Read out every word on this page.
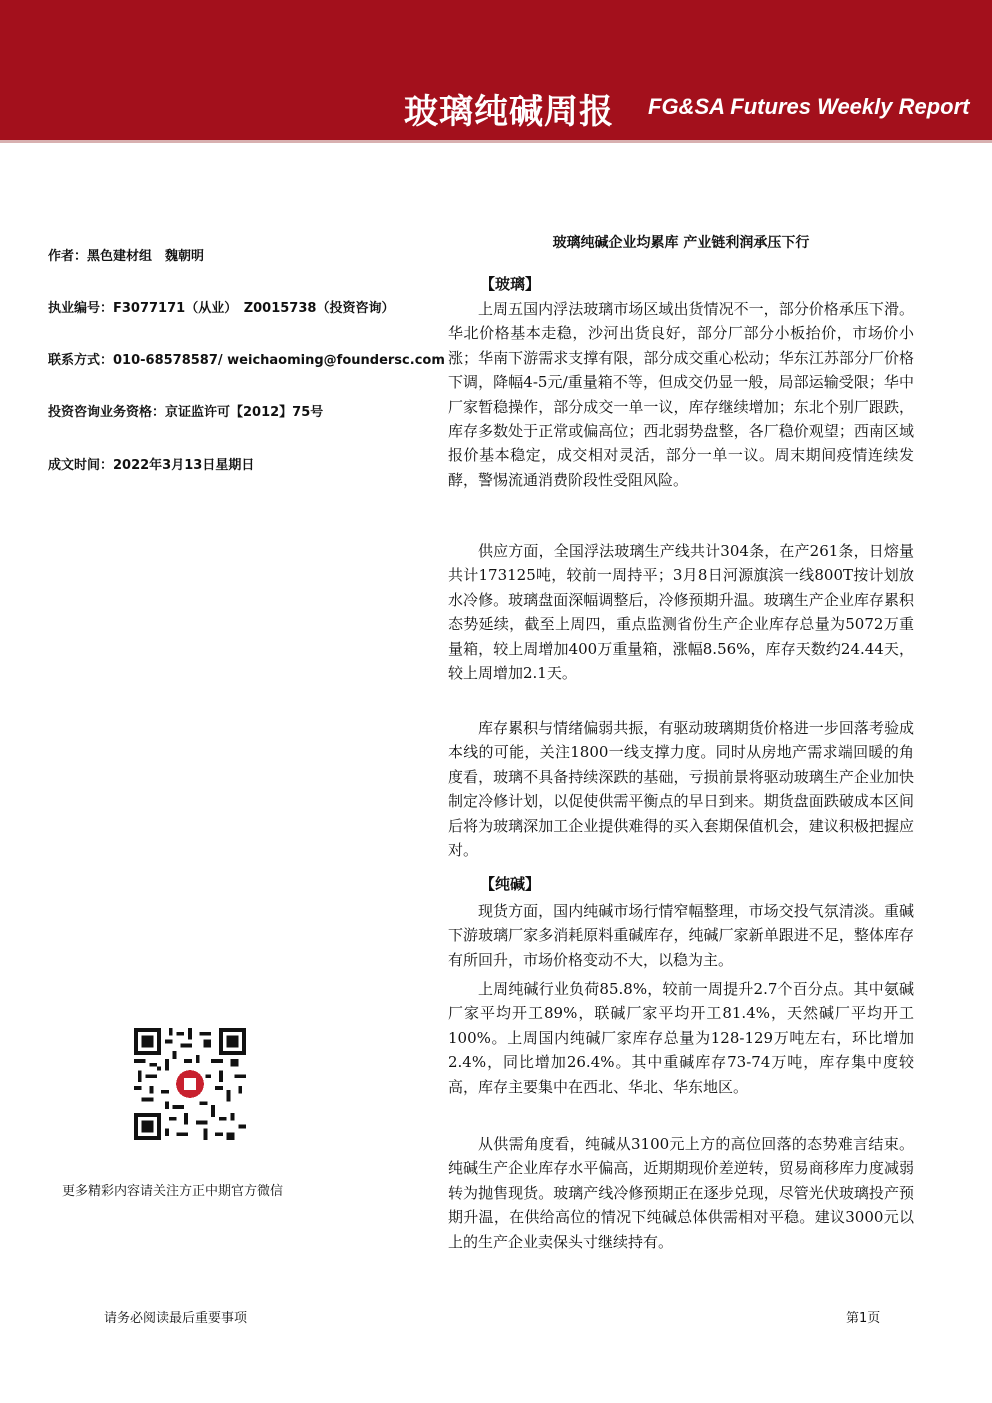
玻璃纯碱周报 FG&SA Futures Weekly Report
作者：黑色建材组　魏朝明
执业编号：F3077171（从业）　Z0015738（投资咨询）
联系方式：010-68578587/ weichaoming@foundersc.com
投资咨询业务资格：京证监许可【2012】75号
成文时间：2022年3月13日星期日
玻璃纯碱企业均累库 产业链利润承压下行
【玻璃】
上周五国内浮法玻璃市场区域出货情况不一，部分价格承压下滑。华北价格基本走稳，沙河出货良好，部分厂部分小板抬价，市场价小涨；华南下游需求支撑有限，部分成交重心松动；华东江苏部分厂价格下调，降幅4-5元/重量箱不等，但成交仍显一般，局部运输受限；华中厂家暂稳操作，部分成交一单一议，库存继续增加；东北个别厂跟跌，库存多数处于正常或偏高位；西北弱势盘整，各厂稳价观望；西南区域报价基本稳定，成交相对灵活，部分一单一议。周末期间疫情连续发酵，警惕流通消费阶段性受阻风险。
供应方面，全国浮法玻璃生产线共计304条，在产261条，日熔量共计173125吨，较前一周持平；3月8日河源旗滨一线800T按计划放水冷修。玻璃盘面深幅调整后，冷修预期升温。玻璃生产企业库存累积态势延续，截至上周四，重点监测省份生产企业库存总量为5072万重量箱，较上周增加400万重量箱，涨幅8.56%，库存天数约24.44天，较上周增加2.1天。
库存累积与情绪偏弱共振，有驱动玻璃期货价格进一步回落考验成本线的可能，关注1800一线支撑力度。同时从房地产需求端回暖的角度看，玻璃不具备持续深跌的基础，亏损前景将驱动玻璃生产企业加快制定冷修计划，以促使供需平衡点的早日到来。期货盘面跌破成本区间后将为玻璃深加工企业提供难得的买入套期保值机会，建议积极把握应对。
【纯碱】
现货方面，国内纯碱市场行情窄幅整理，市场交投气氛清淡。重碱下游玻璃厂家多消耗原料重碱库存，纯碱厂家新单跟进不足，整体库存有所回升，市场价格变动不大，以稳为主。
上周纯碱行业负荷85.8%，较前一周提升2.7个百分点。其中氨碱厂家平均开工89%，联碱厂家平均开工81.4%，天然碱厂平均开工100%。上周国内纯碱厂家库存总量为128-129万吨左右，环比增加2.4%，同比增加26.4%。其中重碱库存73-74万吨，库存集中度较高，库存主要集中在西北、华北、华东地区。
从供需角度看，纯碱从3100元上方的高位回落的态势难言结束。纯碱生产企业库存水平偏高，近期期现价差逆转，贸易商移库力度减弱转为抛售现货。玻璃产线冷修预期正在逐步兑现，尽管光伏玻璃投产预期升温，在供给高位的情况下纯碱总体供需相对平稳。建议3000元以上的生产企业卖保头寸继续持有。
更多精彩内容请关注方正中期官方微信
请务必阅读最后重要事项	第1页
